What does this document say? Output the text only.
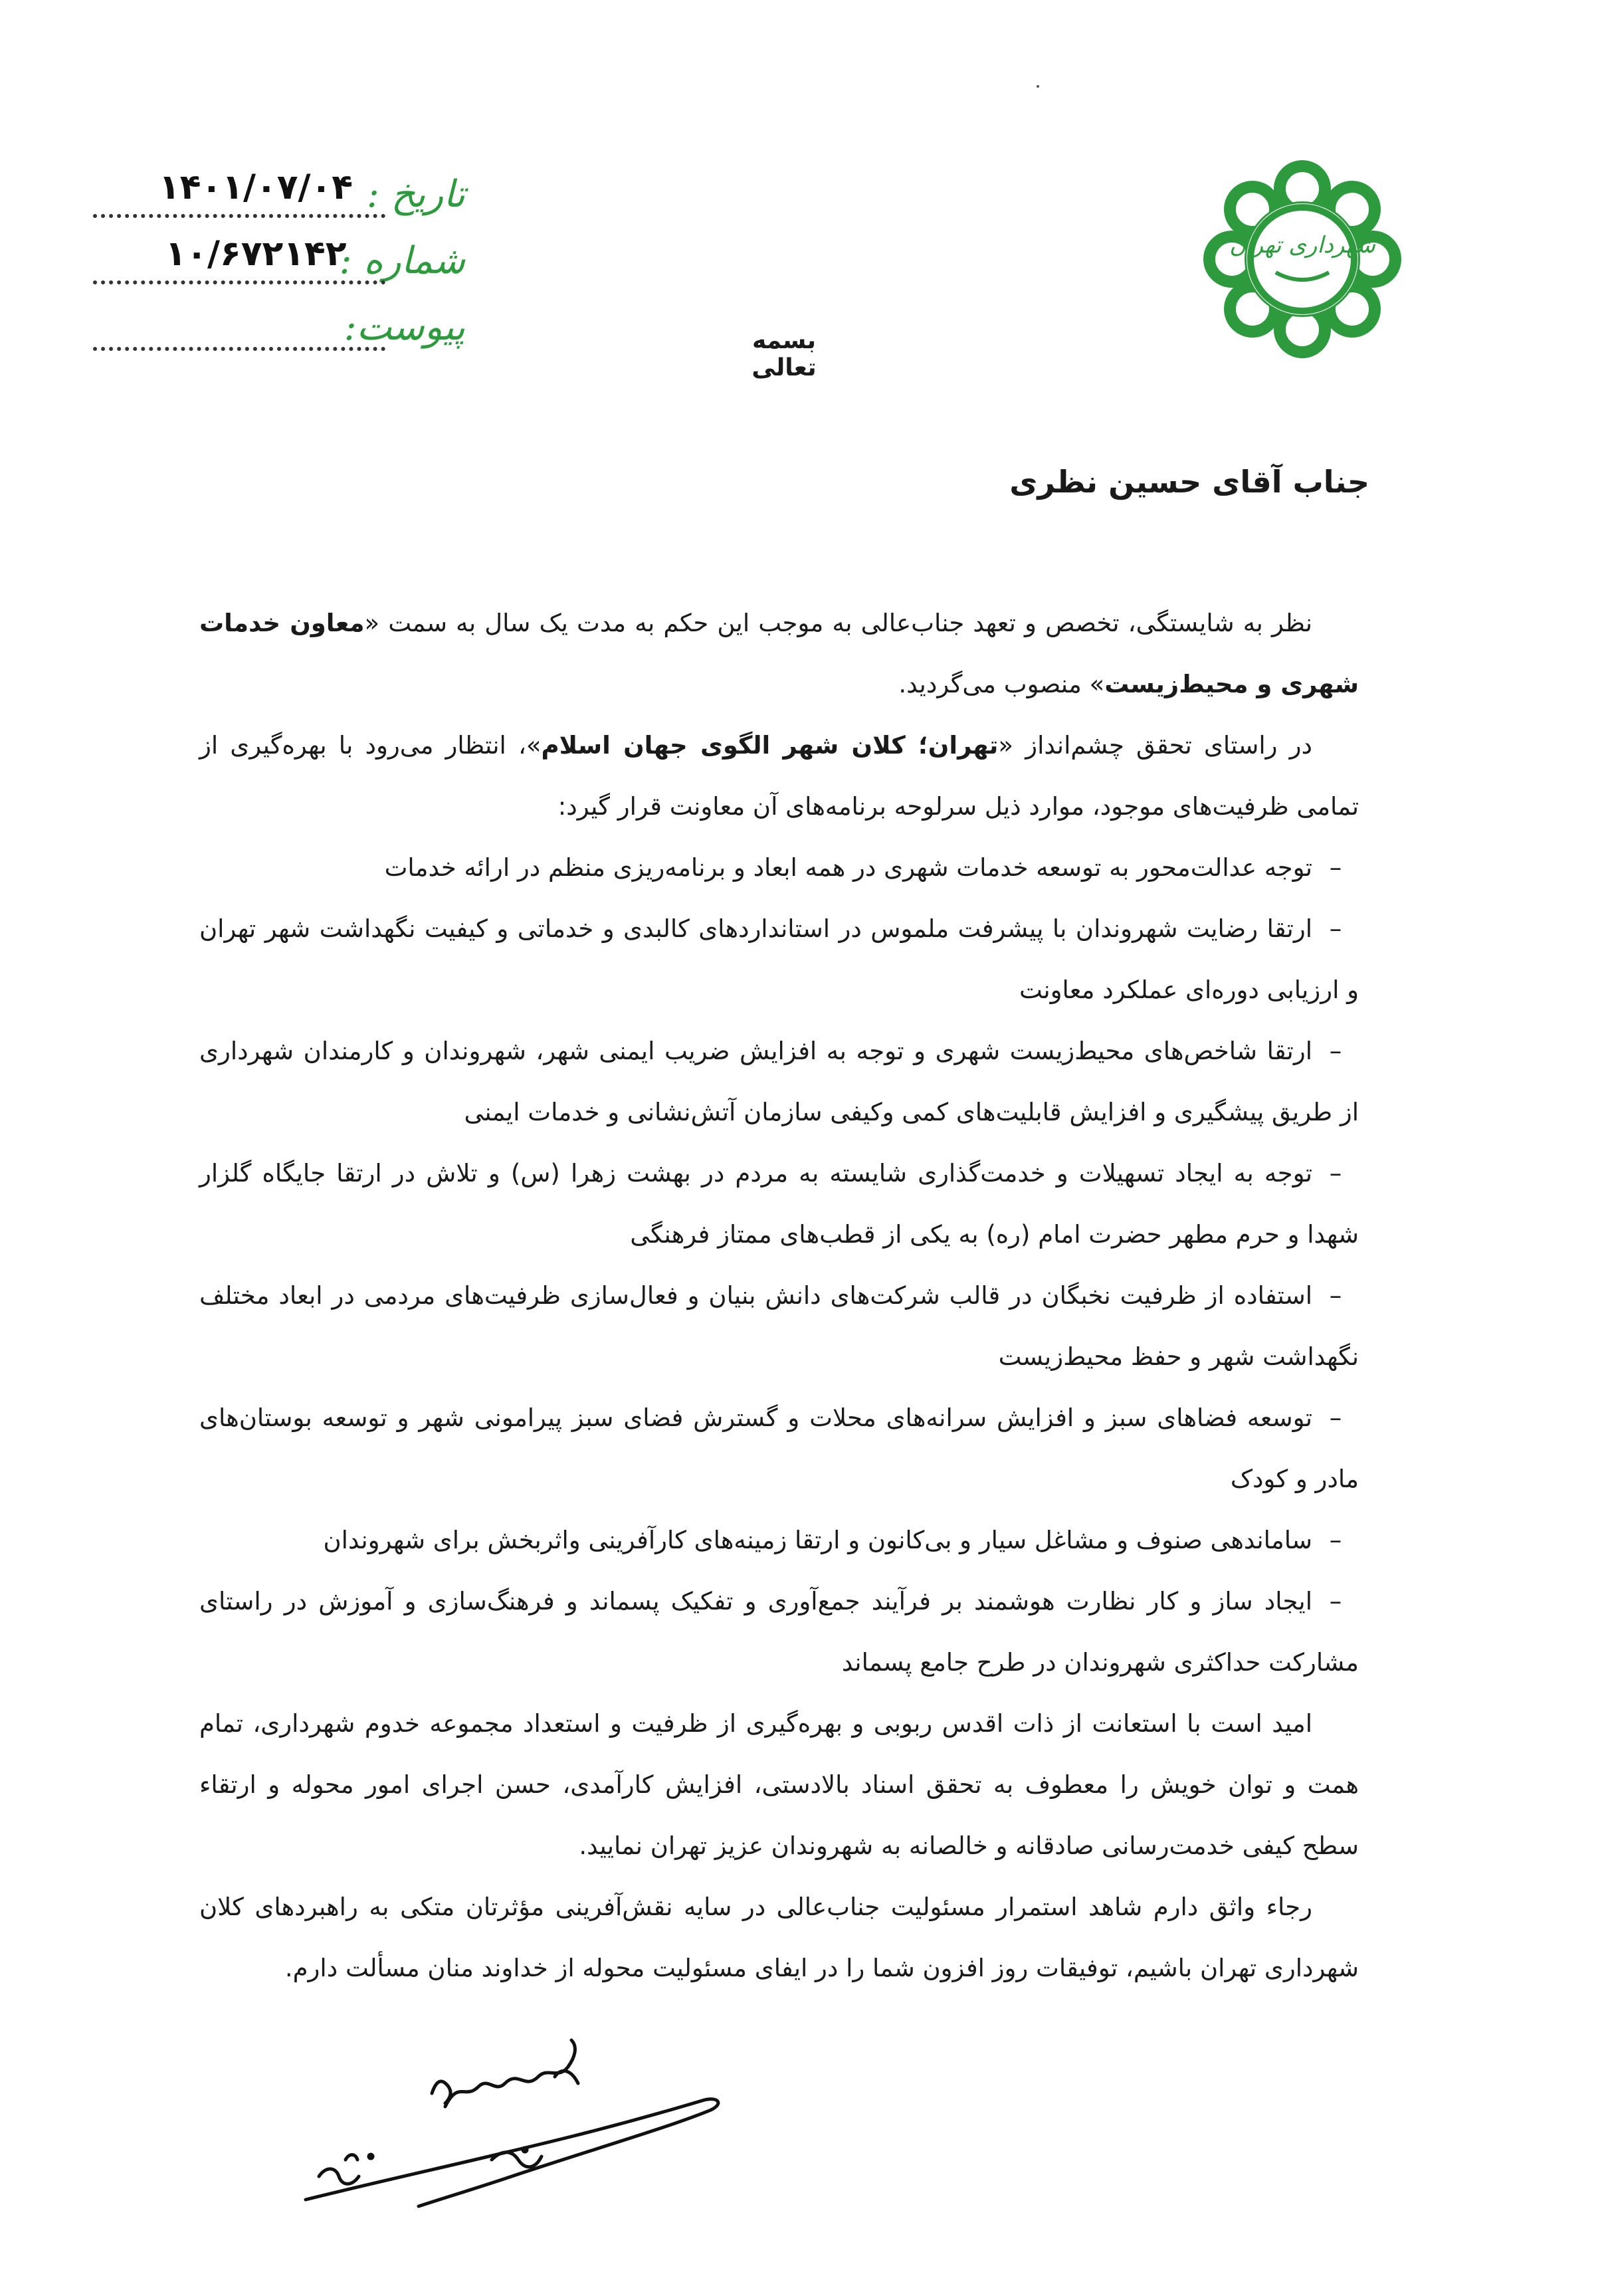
شهرداری تهران
تاریخ :
۱۴۰۱/۰۷/۰۴
شماره :
۱۰/۶۷۲۱۴۲
پیوست:	بسمه تعالی
جناب آقای حسین نظری

نظر به شایستگی، تخصص و تعهد جناب‌عالی به موجب این حکم به مدت یک سال به سمت «معاون خدمات شهری و محیط‌زیست» منصوب می‌گردید.

در راستای تحقق چشم‌انداز «تهران؛ کلان شهر الگوی جهان اسلام»، انتظار می‌رود با بهره‌گیری از تمامی ظرفیت‌های موجود، موارد ذیل سرلوحه برنامه‌های آن معاونت قرار گیرد:

–توجه عدالت‌محور به توسعه خدمات شهری در همه ابعاد و برنامه‌ریزی منظم در ارائه خدمات

–ارتقا رضایت شهروندان با پیشرفت ملموس در استانداردهای کالبدی و خدماتی و کیفیت نگهداشت شهر تهران و ارزیابی دوره‌ای عملکرد معاونت

–ارتقا شاخص‌های محیط‌زیست شهری و توجه به افزایش ضریب ایمنی شهر، شهروندان و کارمندان شهرداری از طریق پیشگیری و افزایش قابلیت‌های کمی وکیفی سازمان آتش‌نشانی و خدمات ایمنی

–توجه به ایجاد تسهیلات و خدمت‌گذاری شایسته به مردم در بهشت زهرا (س) و تلاش در ارتقا جایگاه گلزار شهدا و حرم مطهر حضرت امام (ره) به یکی از قطب‌های ممتاز فرهنگی

–استفاده از ظرفیت نخبگان در قالب شرکت‌های دانش بنیان و فعال‌سازی ظرفیت‌های مردمی در ابعاد مختلف نگهداشت شهر و حفظ محیط‌زیست

–توسعه فضاهای سبز و افزایش سرانه‌های محلات و گسترش فضای سبز پیرامونی شهر و توسعه بوستان‌های مادر و کودک

–ساماندهی صنوف و مشاغل سیار و بی‌کانون و ارتقا زمینه‌های کارآفرینی واثربخش برای شهروندان

–ایجاد ساز و کار نظارت هوشمند بر فرآیند جمع‌آوری و تفکیک پسماند و فرهنگ‌سازی و آموزش در راستای مشارکت حداکثری شهروندان در طرح جامع پسماند

امید است با استعانت از ذات اقدس ربوبی و بهره‌گیری از ظرفیت و استعداد مجموعه خدوم شهرداری، تمام همت و توان خویش را معطوف به تحقق اسناد بالادستی، افزایش کارآمدی، حسن اجرای امور محوله و ارتقاء سطح کیفی خدمت‌رسانی صادقانه و خالصانه به شهروندان عزیز تهران نمایید.

رجاء واثق دارم شاهد استمرار مسئولیت جناب‌عالی در سایه نقش‌آفرینی مؤثرتان متکی به راهبردهای کلان شهرداری تهران باشیم، توفیقات روز افزون شما را در ایفای مسئولیت محوله از خداوند منان مسألت دارم.
